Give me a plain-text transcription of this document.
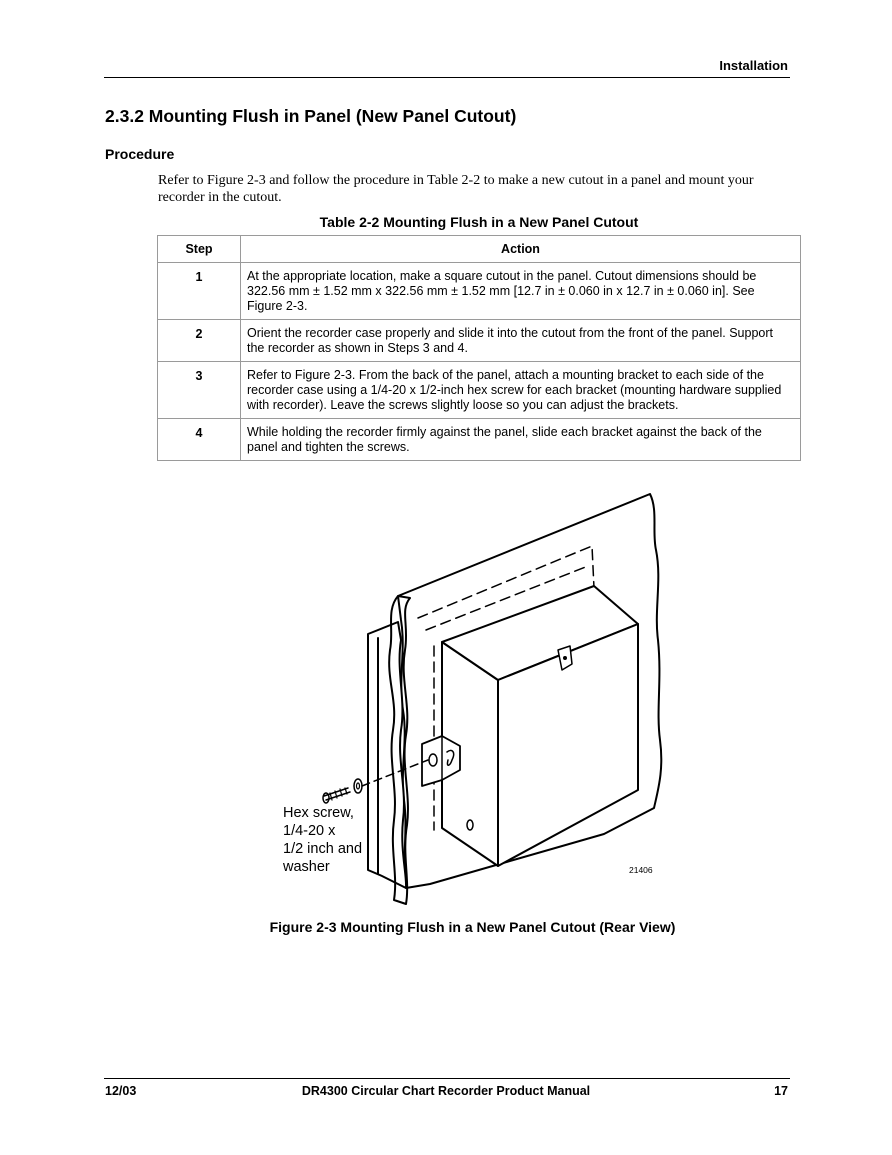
Installation
2.3.2 Mounting Flush in Panel (New Panel Cutout)
Procedure
Refer to Figure 2-3 and follow the procedure in Table 2-2 to make a new cutout in a panel and mount your recorder in the cutout.
Table 2-2 Mounting Flush in a New Panel Cutout
Step	Action
1	At the appropriate location, make a square cutout in the panel. Cutout dimensions should be 322.56 mm ± 1.52 mm x 322.56 mm ± 1.52 mm [12.7 in ± 0.060 in x 12.7 in ± 0.060 in]. See Figure 2-3.
2	Orient the recorder case properly and slide it into the cutout from the front of the panel. Support the recorder as shown in Steps 3 and 4.
3	Refer to Figure 2-3. From the back of the panel, attach a mounting bracket to each side of the recorder case using a 1/4-20 x 1/2-inch hex screw for each bracket (mounting hardware supplied with recorder). Leave the screws slightly loose so you can adjust the brackets.
4	While holding the recorder firmly against the panel, slide each bracket against the back of the panel and tighten the screws.
Hex screw,
1/4-20 x
1/2 inch and
washer	21406
Figure 2-3 Mounting Flush in a New Panel Cutout (Rear View)
12/03	DR4300 Circular Chart Recorder Product Manual	17
